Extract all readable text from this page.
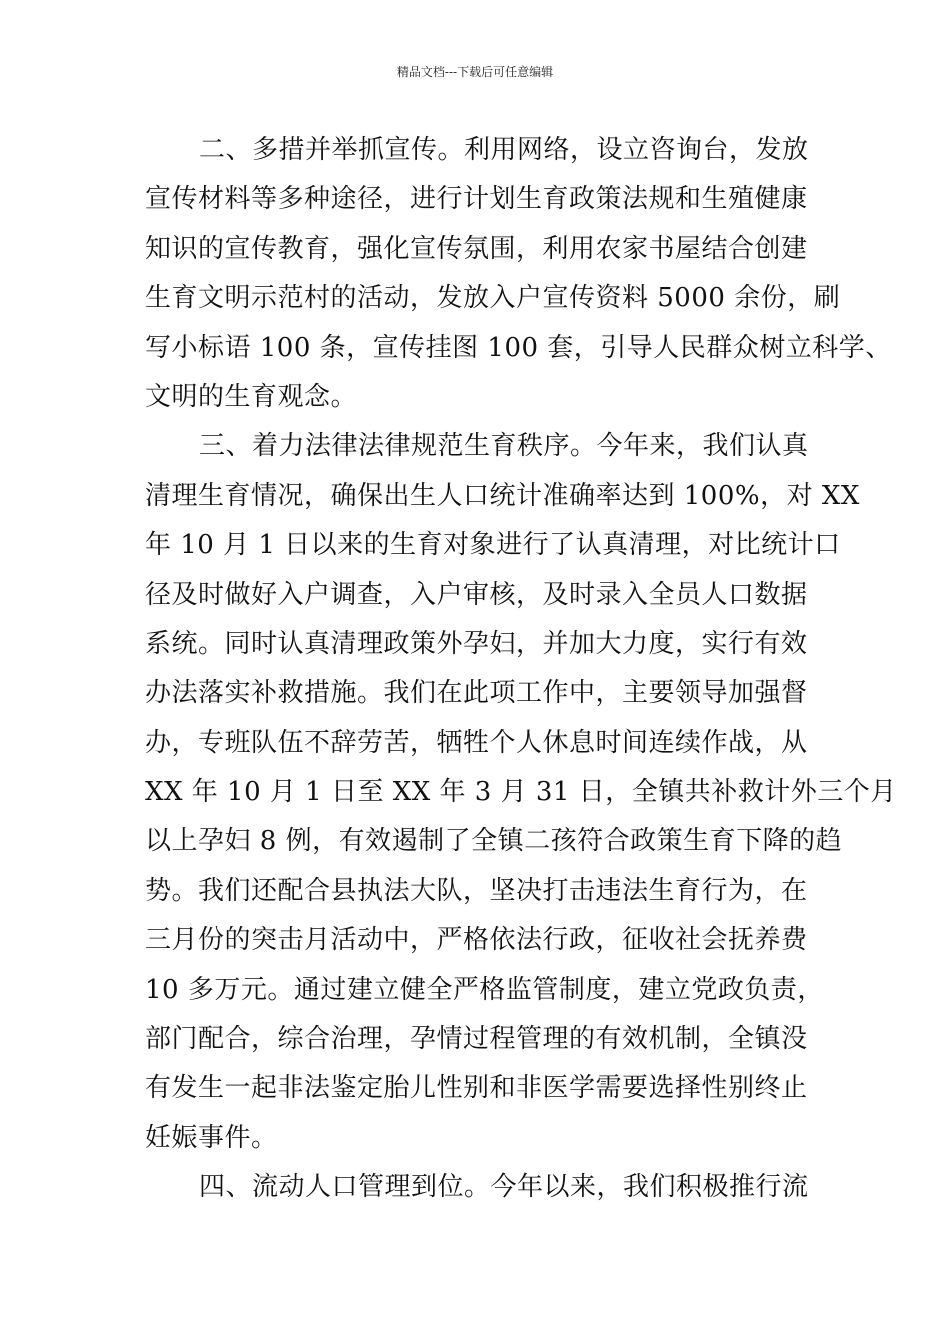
精品文档---下载后可任意编辑
二、多措并举抓宣传。利用网络，设立咨询台，发放
宣传材料等多种途径，进行计划生育政策法规和生殖健康
知识的宣传教育，强化宣传氛围，利用农家书屋结合创建
生育文明示范村的活动，发放入户宣传资料 5000 余份，刷
写小标语 100 条，宣传挂图 100 套，引导人民群众树立科学、
文明的生育观念。
三、着力法律法律规范生育秩序。今年来，我们认真
清理生育情况，确保出生人口统计准确率达到 100%，对 XX
年 10 月 1 日以来的生育对象进行了认真清理，对比统计口
径及时做好入户调查，入户审核，及时录入全员人口数据
系统。同时认真清理政策外孕妇，并加大力度，实行有效
办法落实补救措施。我们在此项工作中，主要领导加强督
办，专班队伍不辞劳苦，牺牲个人休息时间连续作战，从
XX 年 10 月 1 日至 XX 年 3 月 31 日，全镇共补救计外三个月
以上孕妇 8 例，有效遏制了全镇二孩符合政策生育下降的趋
势。我们还配合县执法大队，坚决打击违法生育行为，在
三月份的突击月活动中，严格依法行政，征收社会抚养费
10 多万元。通过建立健全严格监管制度，建立党政负责，
部门配合，综合治理，孕情过程管理的有效机制，全镇没
有发生一起非法鉴定胎儿性别和非医学需要选择性别终止
妊娠事件。
四、流动人口管理到位。今年以来，我们积极推行流
